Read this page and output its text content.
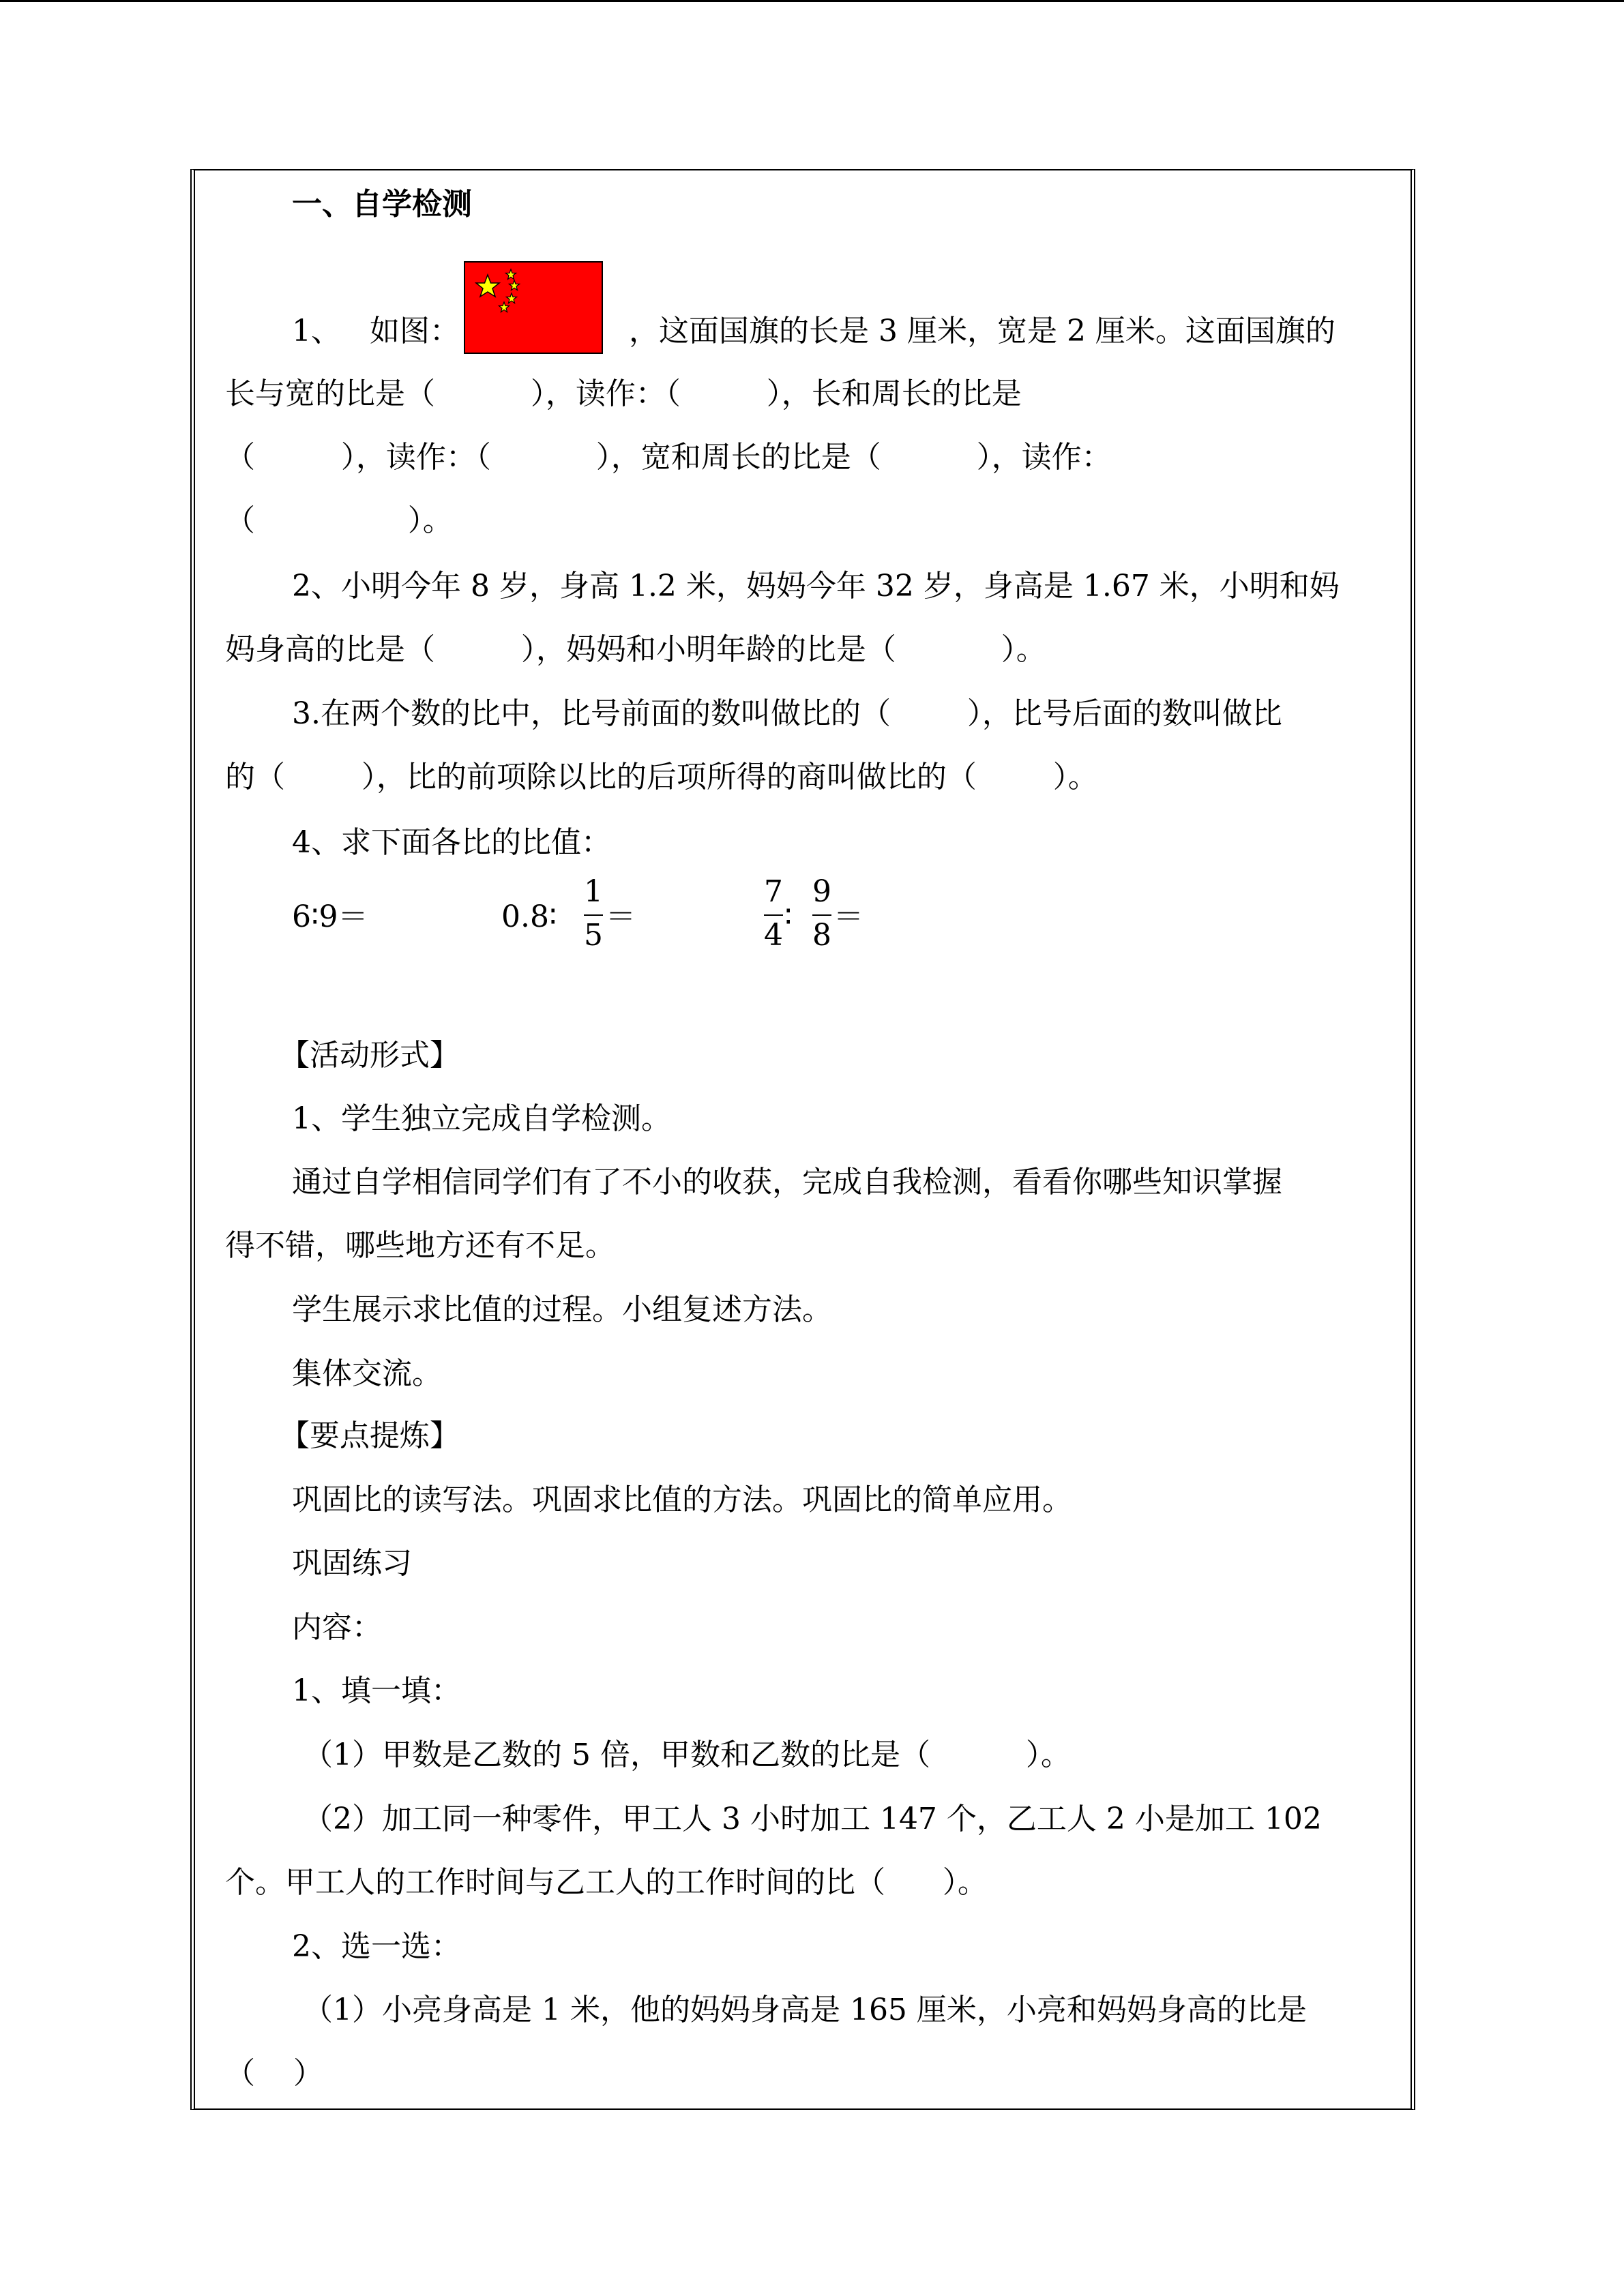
一、自学检测
1、   如图：	，这面国旗的长是 3 厘米，宽是 2 厘米。这面国旗的
长与宽的比是（          ），读作：（         ），长和周长的比是
（         ），读作：（           ），宽和周长的比是（          ），读作：
（                ）。
2、小明今年 8 岁，身高 1.2 米，妈妈今年 32 岁，身高是 1.67 米，小明和妈
妈身高的比是（         ），妈妈和小明年龄的比是（           ）。
3.在两个数的比中，比号前面的数叫做比的（        ），比号后面的数叫做比
的（        ），比的前项除以比的后项所得的商叫做比的（        ）。
4、求下面各比的比值：
6∶9＝	0.8∶
1
5
＝
7
4
∶
9
8
＝
【活动形式】
1、学生独立完成自学检测。
通过自学相信同学们有了不小的收获，完成自我检测，看看你哪些知识掌握
得不错，哪些地方还有不足。
学生展示求比值的过程。小组复述方法。
集体交流。
【要点提炼】
巩固比的读写法。巩固求比值的方法。巩固比的简单应用。
巩固练习
内容：
1、填一填：
（1）甲数是乙数的 5 倍，甲数和乙数的比是（          ）。
（2）加工同一种零件，甲工人 3 小时加工 147 个，乙工人 2 小是加工 102
个。甲工人的工作时间与乙工人的工作时间的比（      ）。
2、选一选：
（1）小亮身高是 1 米，他的妈妈身高是 165 厘米，小亮和妈妈身高的比是
（    ）
